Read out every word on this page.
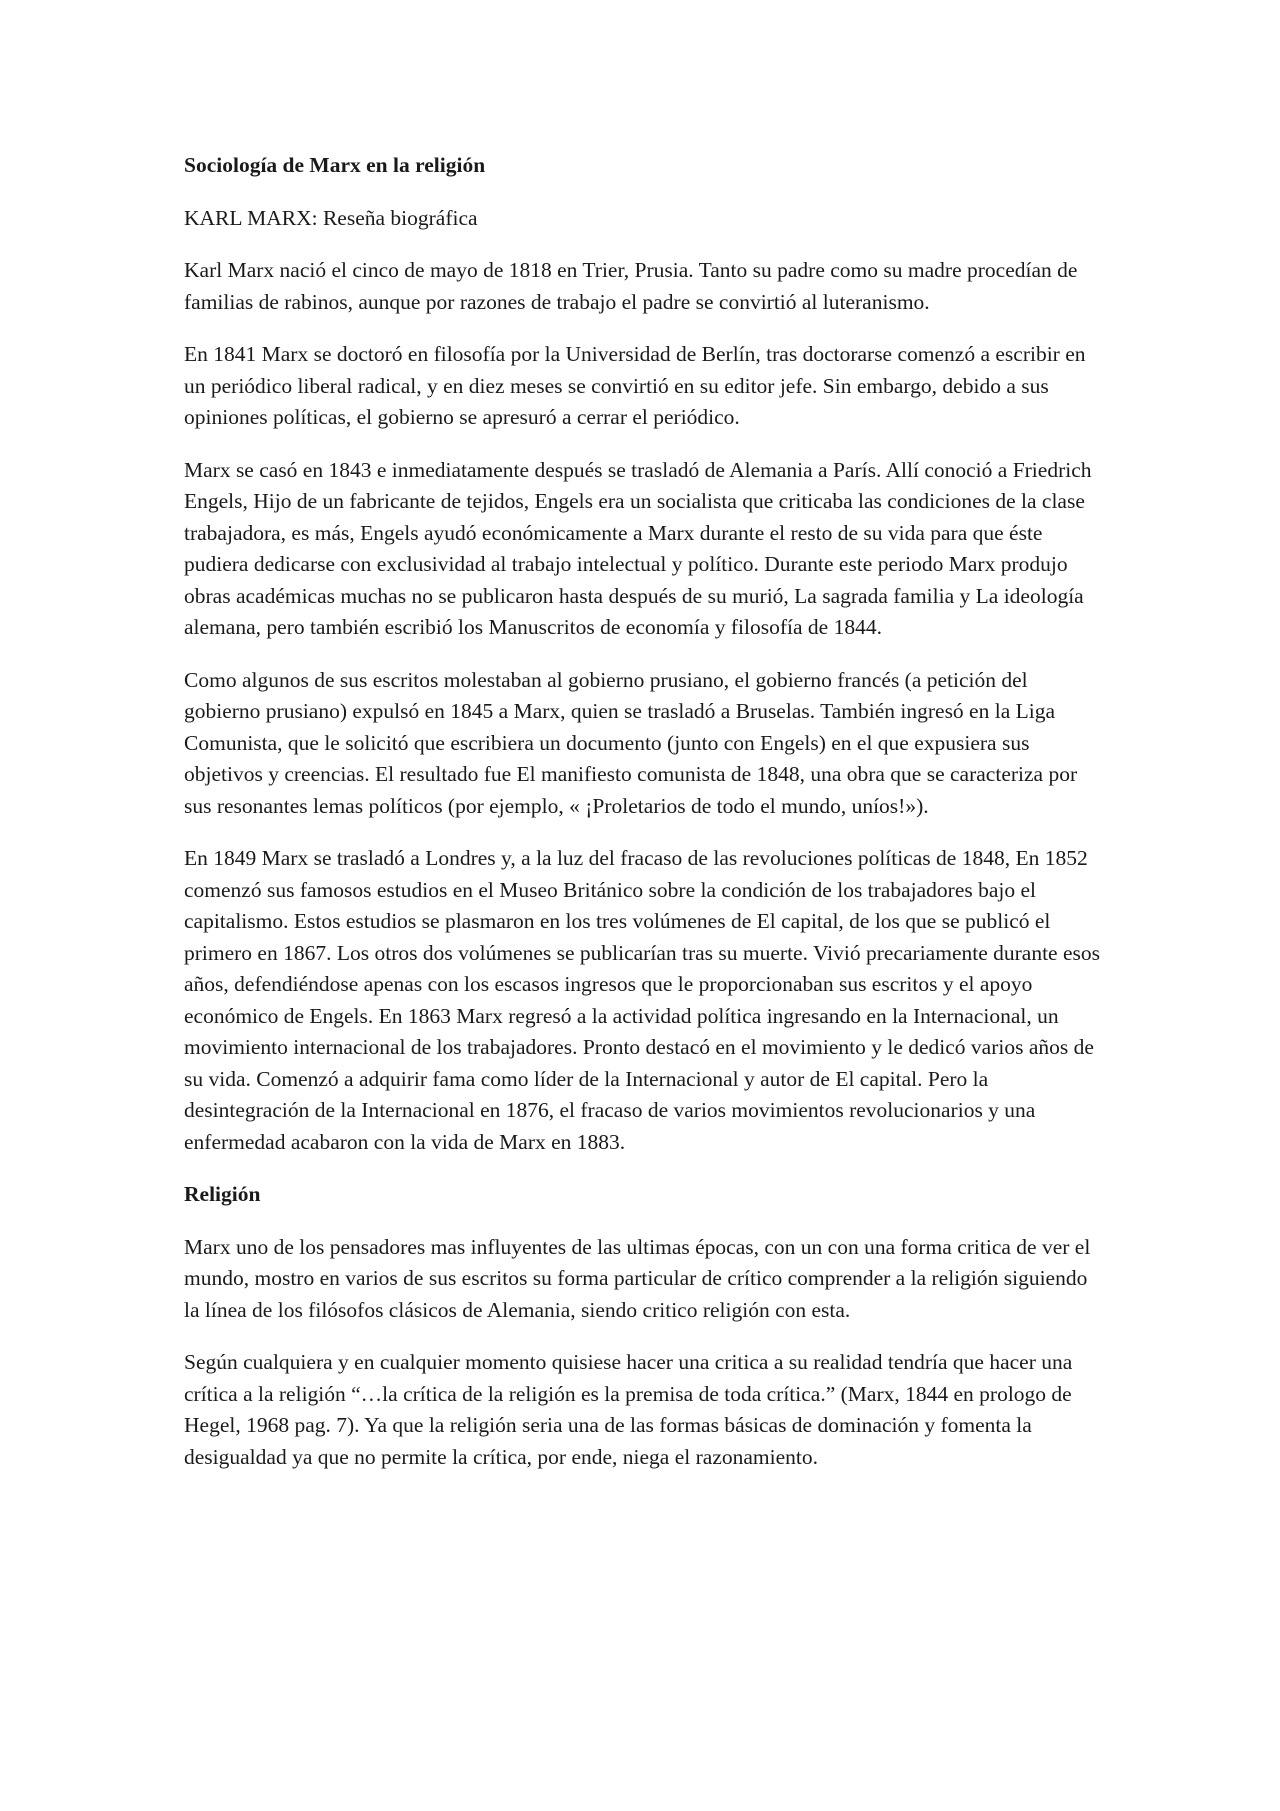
Sociología de Marx en la religión

KARL MARX: Reseña biográfica

Karl Marx nació el cinco de mayo de 1818 en Trier, Prusia. Tanto su padre como su madre procedían de familias de rabinos, aunque por razones de trabajo el padre se convirtió al luteranismo.

En 1841 Marx se doctoró en filosofía por la Universidad de Berlín, tras doctorarse comenzó a escribir en un periódico liberal radical, y en diez meses se convirtió en su editor jefe. Sin embargo, debido a sus opiniones políticas, el gobierno se apresuró a cerrar el periódico.

Marx se casó en 1843 e inmediatamente después se trasladó de Alemania a París. Allí conoció a Friedrich Engels, Hijo de un fabricante de tejidos, Engels era un socialista que criticaba las condiciones de la clase trabajadora, es más, Engels ayudó económicamente a Marx durante el resto de su vida para que éste pudiera dedicarse con exclusividad al trabajo intelectual y político. Durante este periodo Marx produjo obras académicas muchas no se publicaron hasta después de su murió, La sagrada familia y La ideología alemana, pero también escribió los Manuscritos de economía y filosofía de 1844.

Como algunos de sus escritos molestaban al gobierno prusiano, el gobierno francés (a petición del gobierno prusiano) expulsó en 1845 a Marx, quien se trasladó a Bruselas. También ingresó en la Liga Comunista, que le solicitó que escribiera un documento (junto con Engels) en el que expusiera sus objetivos y creencias. El resultado fue El manifiesto comunista de 1848, una obra que se caracteriza por sus resonantes lemas políticos (por ejemplo, « ¡Proletarios de todo el mundo, uníos!»).

En 1849 Marx se trasladó a Londres y, a la luz del fracaso de las revoluciones políticas de 1848, En 1852 comenzó sus famosos estudios en el Museo Británico sobre la condición de los trabajadores bajo el capitalismo. Estos estudios se plasmaron en los tres volúmenes de El capital, de los que se publicó el primero en 1867. Los otros dos volúmenes se publicarían tras su muerte. Vivió precariamente durante esos años, defendiéndose apenas con los escasos ingresos que le proporcionaban sus escritos y el apoyo económico de Engels. En 1863 Marx regresó a la actividad política ingresando en la Internacional, un movimiento internacional de los trabajadores. Pronto destacó en el movimiento y le dedicó varios años de su vida. Comenzó a adquirir fama como líder de la Internacional y autor de El capital. Pero la desintegración de la Internacional en 1876, el fracaso de varios movimientos revolucionarios y una enfermedad acabaron con la vida de Marx en 1883.

Religión

Marx uno de los pensadores mas influyentes de las ultimas épocas, con un con una forma critica de ver el mundo, mostro en varios de sus escritos su forma particular de crítico comprender a la religión siguiendo la línea de los filósofos clásicos de Alemania, siendo critico religión con esta.

Según cualquiera y en cualquier momento quisiese hacer una critica a su realidad tendría que hacer una crítica a la religión “…la crítica de la religión es la premisa de toda crítica.” (Marx, 1844 en prologo de Hegel, 1968 pag. 7). Ya que la religión seria una de las formas básicas de dominación y fomenta la desigualdad ya que no permite la crítica, por ende, niega el razonamiento.
